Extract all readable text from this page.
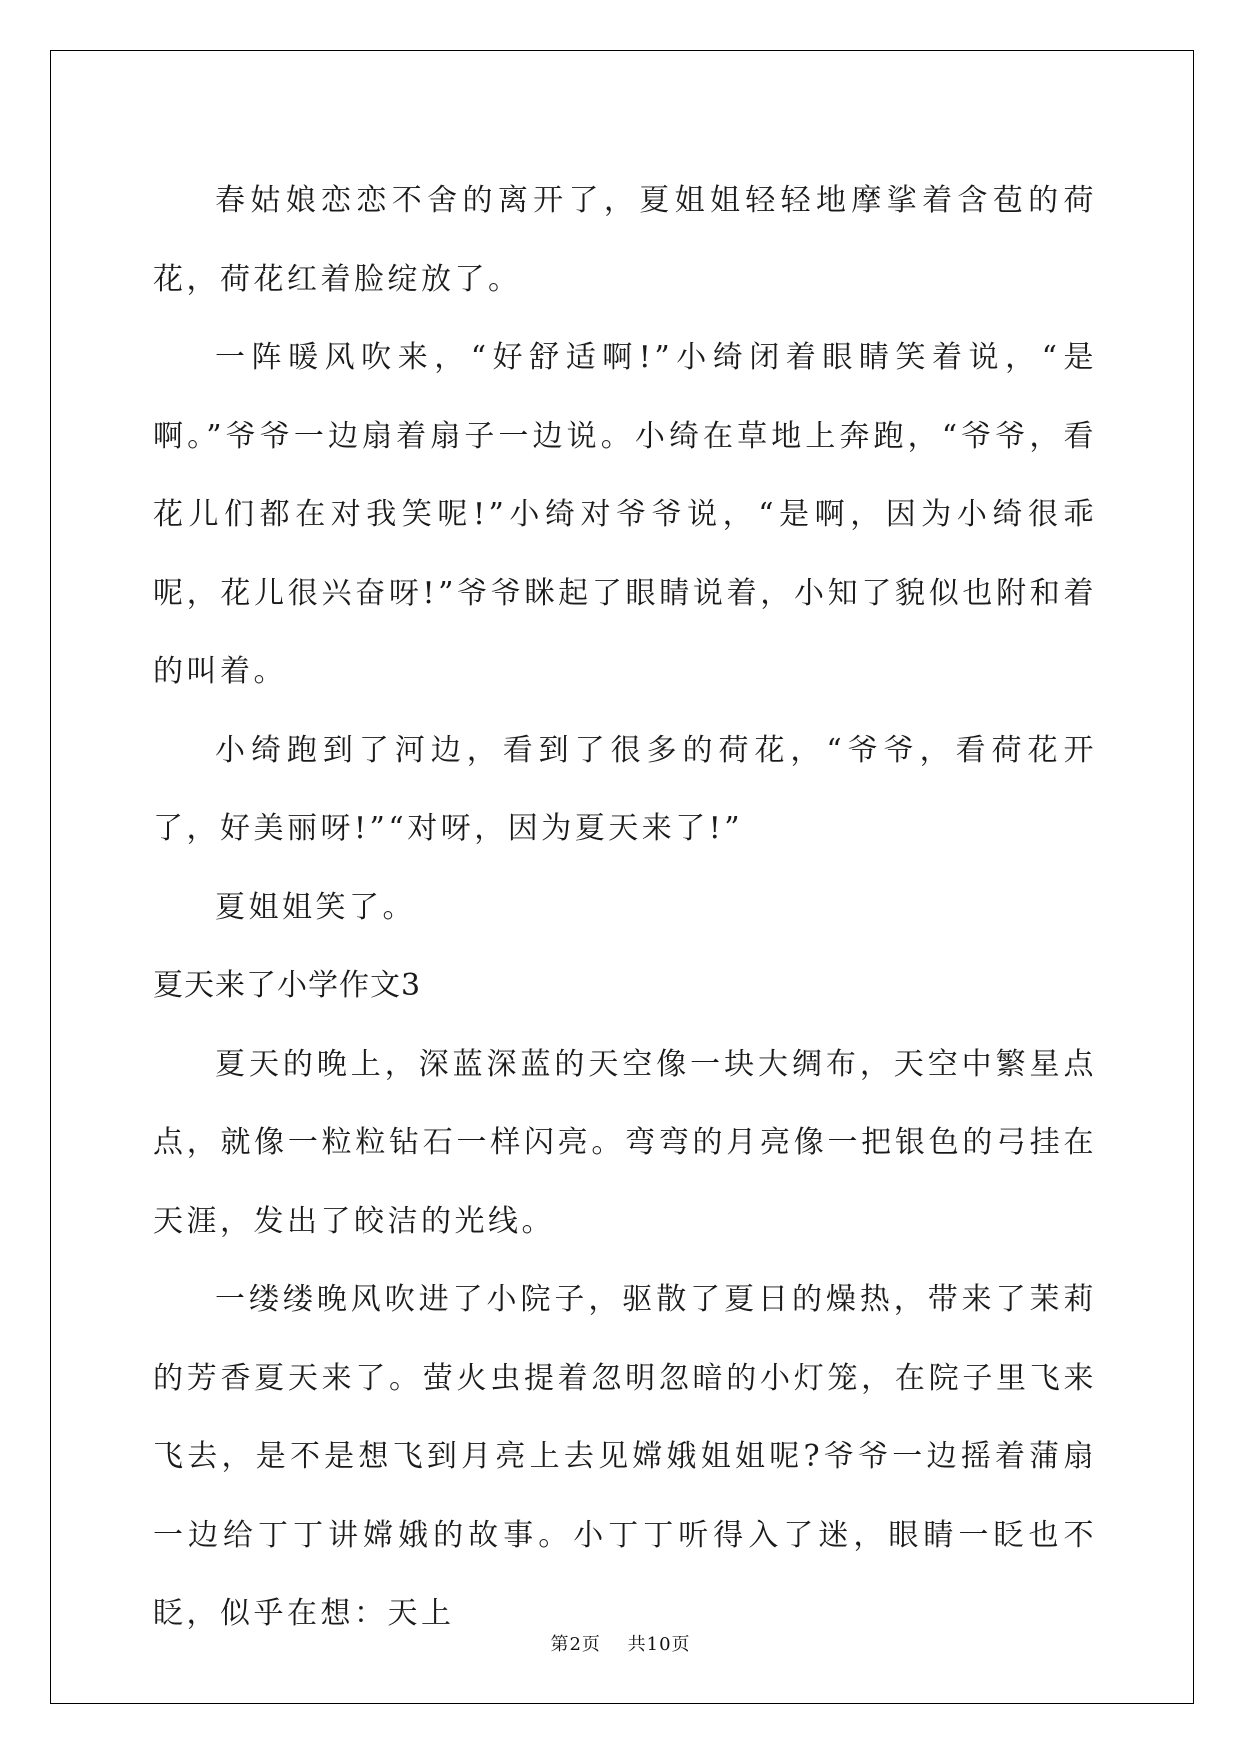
春姑娘恋恋不舍的离开了，夏姐姐轻轻地摩挲着含苞的荷花，荷花红着脸绽放了。

一阵暖风吹来，“好舒适啊!”小绮闭着眼睛笑着说，“是啊。”爷爷一边扇着扇子一边说。小绮在草地上奔跑，“爷爷，看花儿们都在对我笑呢!”小绮对爷爷说，“是啊，因为小绮很乖呢，花儿很兴奋呀!”爷爷眯起了眼睛说着，小知了貌似也附和着的叫着。

小绮跑到了河边，看到了很多的荷花，“爷爷，看荷花开了，好美丽呀!”“对呀，因为夏天来了!”

夏姐姐笑了。

夏天来了小学作文3

夏天的晚上，深蓝深蓝的天空像一块大绸布，天空中繁星点点，就像一粒粒钻石一样闪亮。弯弯的月亮像一把银色的弓挂在天涯，发出了皎洁的光线。

一缕缕晚风吹进了小院子，驱散了夏日的燥热，带来了茉莉的芳香夏天来了。萤火虫提着忽明忽暗的小灯笼，在院子里飞来飞去，是不是想飞到月亮上去见嫦娥姐姐呢?爷爷一边摇着蒲扇一边给丁丁讲嫦娥的故事。小丁丁听得入了迷，眼睛一眨也不眨，似乎在想：天上

第2页 共10页
